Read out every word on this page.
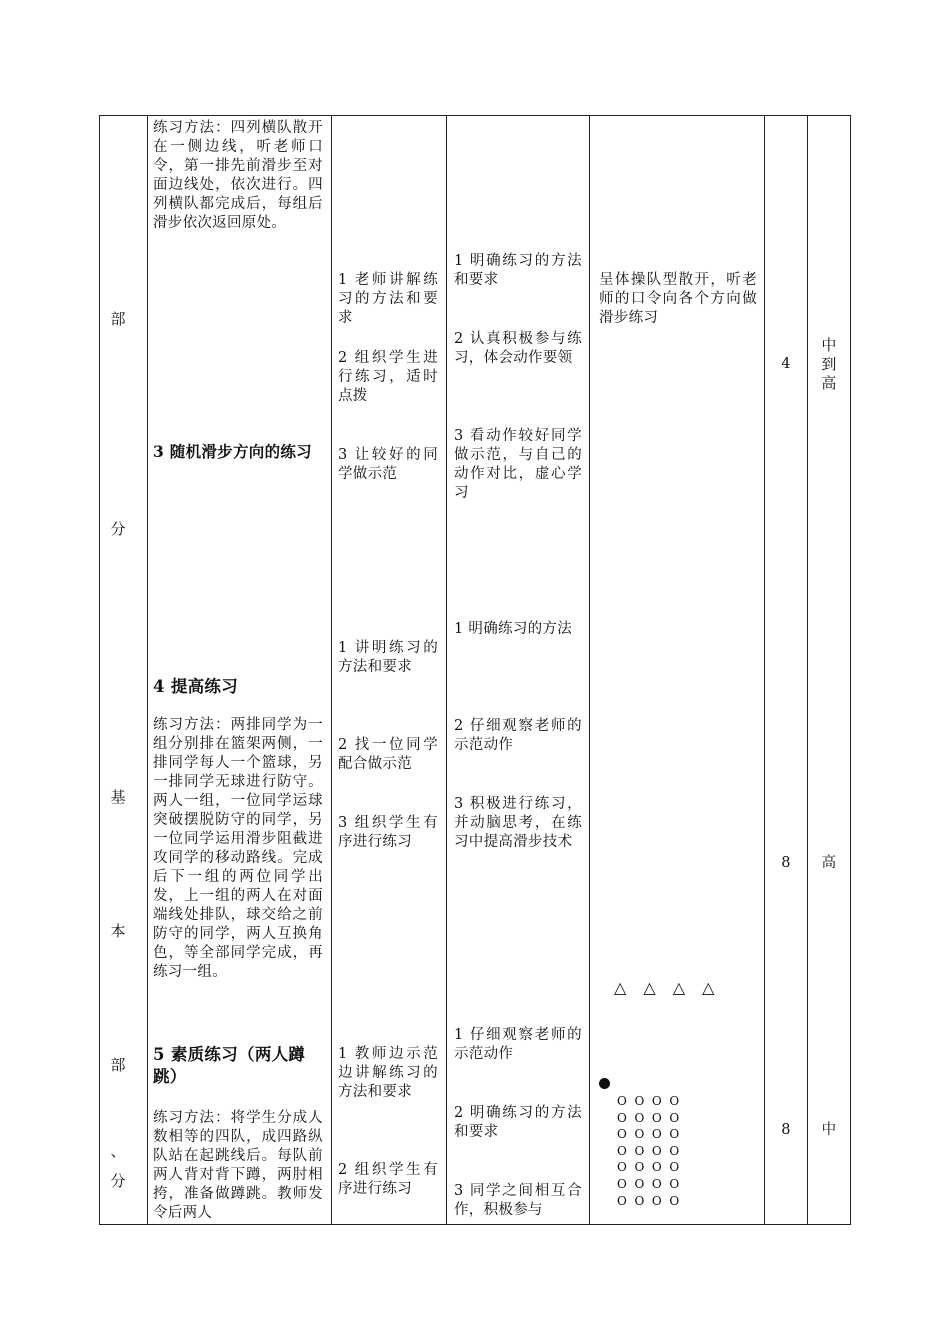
部
分
基
本
部
、
分
练习方法：四列横队散开在一侧边线，听老师口令，第一排先前滑步至对面边线处，依次进行。四列横队都完成后，每组后滑步依次返回原处。
3 随机滑步方向的练习
4 提高练习
练习方法：两排同学为一组分别排在篮架两侧，一排同学每人一个篮球，另一排同学无球进行防守。两人一组，一位同学运球突破摆脱防守的同学，另一位同学运用滑步阻截进攻同学的移动路线。完成后下一组的两位同学出发，上一组的两人在对面端线处排队，球交给之前防守的同学，两人互换角色，等全部同学完成，再练习一组。
5 素质练习（两人蹲跳）
练习方法：将学生分成人数相等的四队，成四路纵队站在起跳线后。每队前两人背对背下蹲，两肘相挎，准备做蹲跳。教师发令后两人
1 老师讲解练习的方法和要求
2 组织学生进行练习，适时点拨
3 让较好的同学做示范
1 讲明练习的方法和要求
2 找一位同学配合做示范
3 组织学生有序进行练习
1 教师边示范边讲解练习的方法和要求
2 组织学生有序进行练习
1 明确练习的方法和要求
2 认真积极参与练习，体会动作要领
3 看动作较好同学做示范，与自己的动作对比，虚心学习
1 明确练习的方法
2 仔细观察老师的示范动作
3 积极进行练习，并动脑思考，在练习中提高滑步技术
1 仔细观察老师的示范动作
2 明确练习的方法和要求
3 同学之间相互合作，积极参与
呈体操队型散开，听老师的口令向各个方向做滑步练习
△ △ △ △
O  O  O  O
O  O  O  O
O  O  O  O
O  O  O  O
O  O  O  O
O  O  O  O
O  O  O  O
4
8
8
中到高
高
中
